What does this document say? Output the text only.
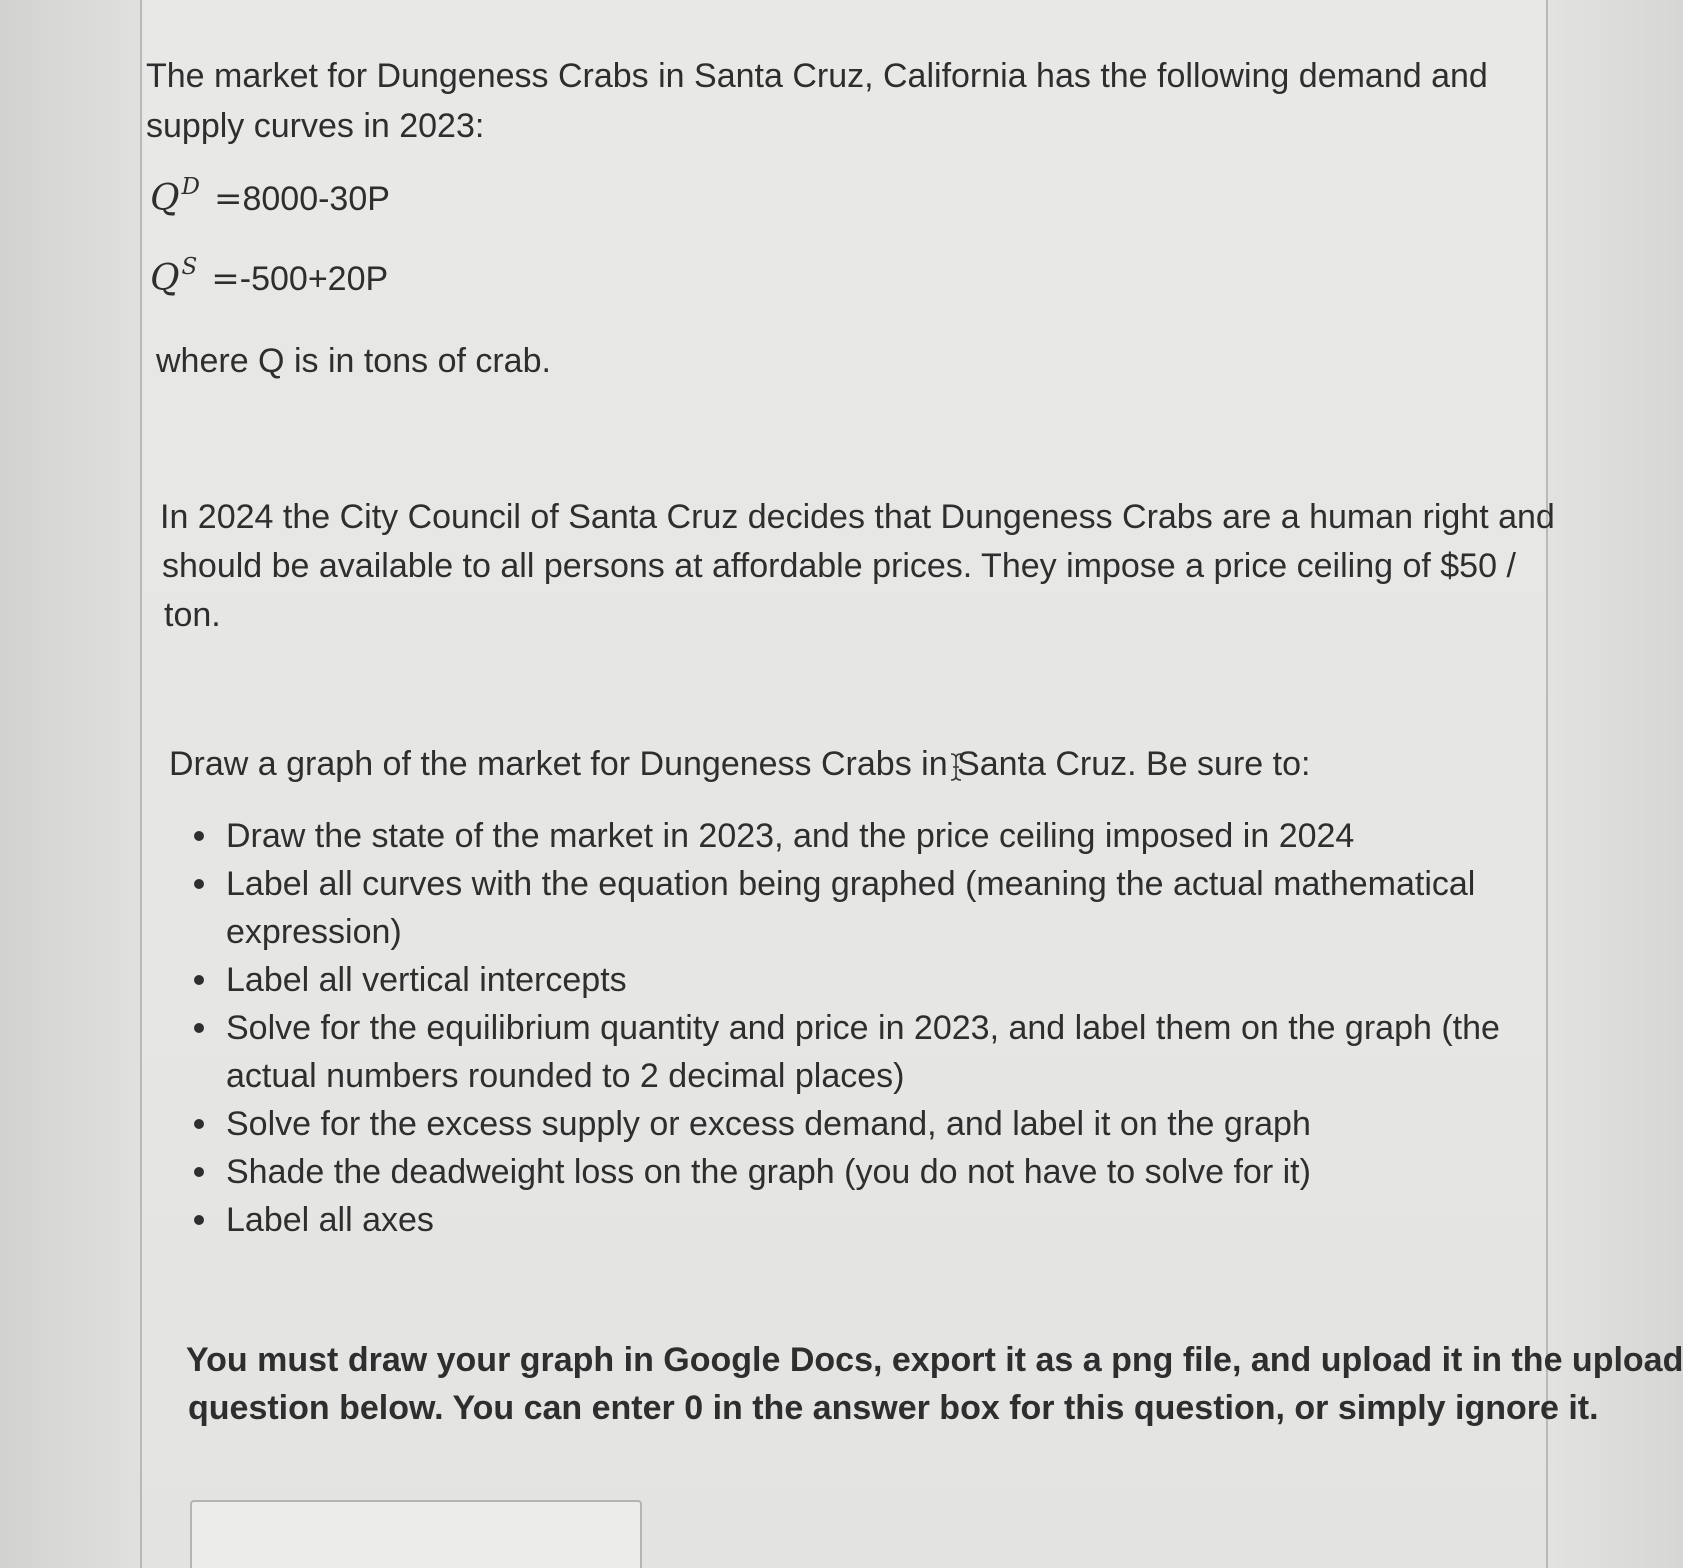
The market for Dungeness Crabs in Santa Cruz, California has the following demand and
supply curves in 2023:
$Q^D =8000-30P$
$Q^S =-500+20P$
where Q is in tons of crab.
In 2024 the City Council of Santa Cruz decides that Dungeness Crabs are a human right and
should be available to all persons at affordable prices. They impose a price ceiling of $50 /
ton.
Draw a graph of the market for Dungeness Crabs in Santa Cruz. Be sure to:
Draw the state of the market in 2023, and the price ceiling imposed in 2024
Label all curves with the equation being graphed (meaning the actual mathematical
expression)
Label all vertical intercepts
Solve for the equilibrium quantity and price in 2023, and label them on the graph (the
actual numbers rounded to 2 decimal places)
Solve for the excess supply or excess demand, and label it on the graph
Shade the deadweight loss on the graph (you do not have to solve for it)
Label all axes
You must draw your graph in Google Docs, export it as a png file, and upload it in the upload
question below. You can enter 0 in the answer box for this question, or simply ignore it.
